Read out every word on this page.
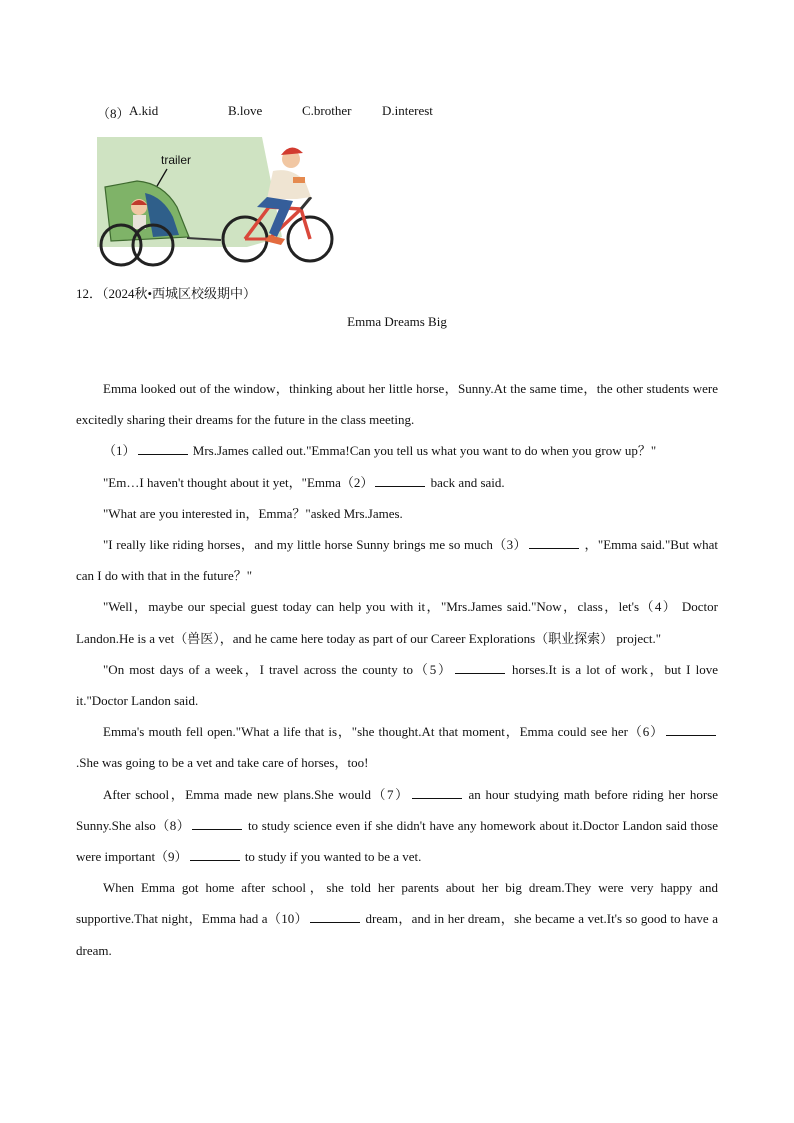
（8） A.kid	B.love	C.brother D.interest
trailer
12．（2024秋•西城区校级期中）
Emma Dreams Big

Emma looked out of the window，thinking about her little horse，Sunny.At the same time，the other students were excitedly sharing their dreams for the future in the class meeting.

（1）	Mrs.James called out."Emma!Can you tell us what you want to do when you grow up？"

"Em…I haven't thought about it yet，"Emma（2）	back and said.

"What are you interested in，Emma？"asked Mrs.James.

"I really like riding horses，and my little horse Sunny brings me so much（3）	，"Emma said."But what can I do with that in the future？"

"Well，maybe our special guest today can help you with it，"Mrs.James said."Now，class，let's（4） Doctor Landon.He is a vet（兽医），and he came here today as part of our Career Explorations（职业探索） project."

"On most days of a week，I travel across the county to（5）	horses.It is a lot of work，but I love it."Doctor Landon said.

Emma's mouth fell open."What a life that is，"she thought.At that moment，Emma could see her（6） .She was going to be a vet and take care of horses，too!

After school，Emma made new plans.She would（7）	an hour studying math before riding her horse Sunny.She also（8）	to study science even if she didn't have any homework about it.Doctor Landon said those were important（9）	to study if you wanted to be a vet.

When Emma got home after school，she told her parents about her big dream.They were very happy and supportive.That night，Emma had a（10）	dream，and in her dream，she became a vet.It's so good to have a dream.
